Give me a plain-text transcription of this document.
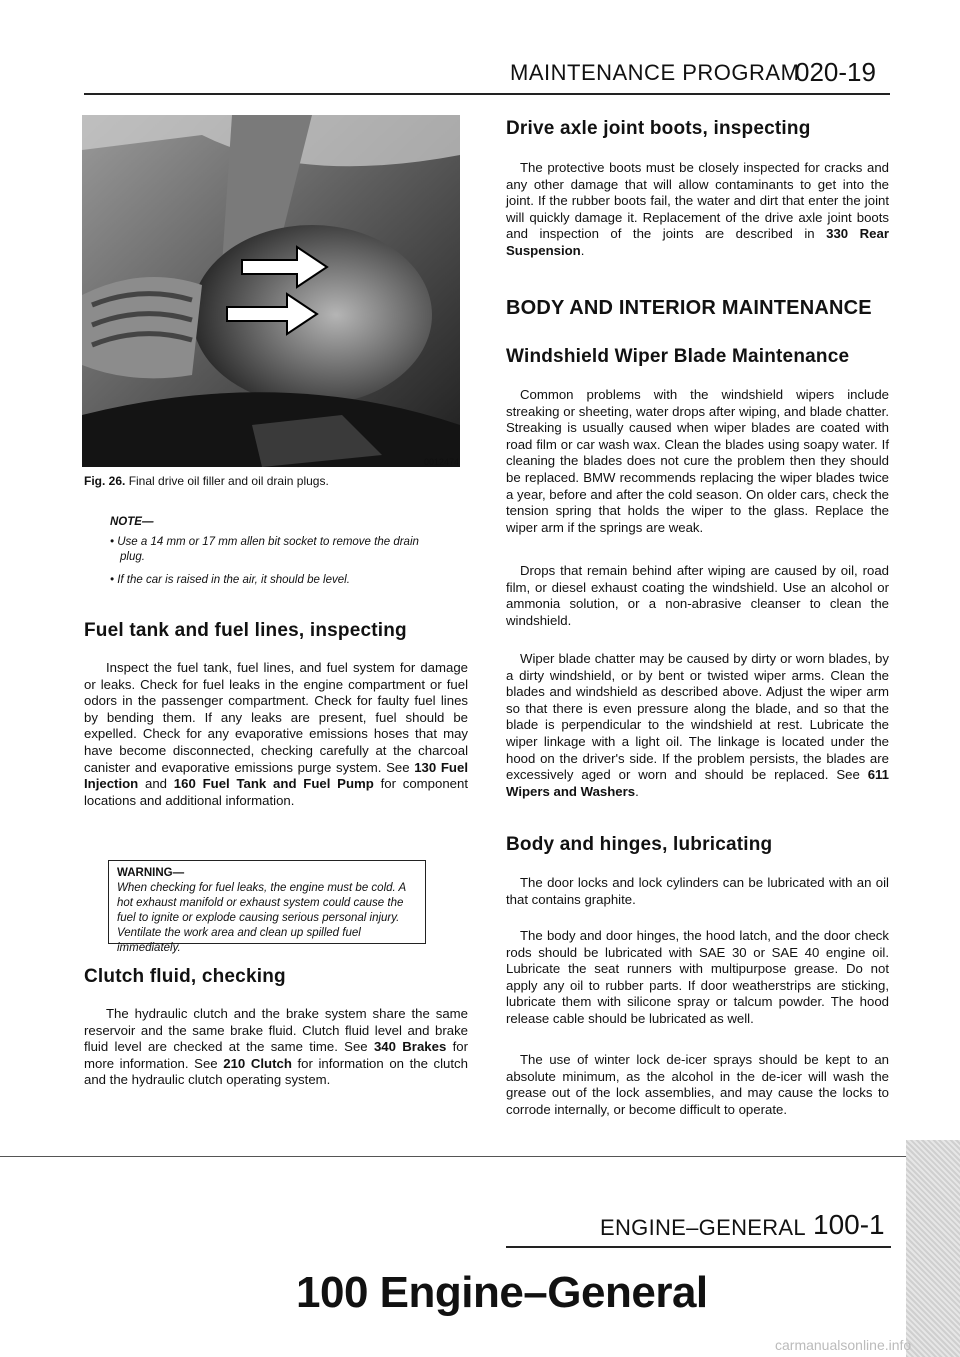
MAINTENANCE PROGRAM
020-19
0012474
Fig. 26. Final drive oil filler and oil drain plugs.

NOTE—

• Use a 14 mm or 17 mm allen bit socket to remove the drain plug.

• If the car is raised in the air, it should be level.

Fuel tank and fuel lines, inspecting

Inspect the fuel tank, fuel lines, and fuel system for damage or leaks. Check for fuel leaks in the engine compartment or fuel odors in the passenger compartment. Check for faulty fuel lines by bending them. If any leaks are present, fuel should be expelled. Check for any evaporative emissions hoses that may have become disconnected, checking carefully at the charcoal canister and evaporative emissions purge system. See 130 Fuel Injection and 160 Fuel Tank and Fuel Pump for component locations and additional information.

WARNING—
When checking for fuel leaks, the engine must be cold. A hot exhaust manifold or exhaust system could cause the fuel to ignite or explode causing serious personal injury. Ventilate the work area and clean up spilled fuel immediately.
Clutch fluid, checking

The hydraulic clutch and the brake system share the same reservoir and the same brake fluid. Clutch fluid level and brake fluid level are checked at the same time. See 340 Brakes for more information. See 210 Clutch for information on the clutch and the hydraulic clutch operating system.

Drive axle joint boots, inspecting

The protective boots must be closely inspected for cracks and any other damage that will allow contaminants to get into the joint. If the rubber boots fail, the water and dirt that enter the joint will quickly damage it. Replacement of the drive axle joint boots and inspection of the joints are described in 330 Rear Suspension.

BODY AND INTERIOR MAINTENANCE
Windshield Wiper Blade Maintenance

Common problems with the windshield wipers include streaking or sheeting, water drops after wiping, and blade chatter. Streaking is usually caused when wiper blades are coated with road film or car wash wax. Clean the blades using soapy water. If cleaning the blades does not cure the problem then they should be replaced. BMW recommends replacing the wiper blades twice a year, before and after the cold season. On older cars, check the tension spring that holds the wiper to the glass. Replace the wiper arm if the springs are weak.

Drops that remain behind after wiping are caused by oil, road film, or diesel exhaust coating the windshield. Use an alcohol or ammonia solution, or a non-abrasive cleanser to clean the windshield.

Wiper blade chatter may be caused by dirty or worn blades, by a dirty windshield, or by bent or twisted wiper arms. Clean the blades and windshield as described above. Adjust the wiper arm so that there is even pressure along the blade, and so that the blade is perpendicular to the windshield at rest. Lubricate the wiper linkage with a light oil. The linkage is located under the hood on the driver's side. If the problem persists, the blades are excessively aged or worn and should be replaced. See 611 Wipers and Washers.

Body and hinges, lubricating

The door locks and lock cylinders can be lubricated with an oil that contains graphite.

The body and door hinges, the hood latch, and the door check rods should be lubricated with SAE 30 or SAE 40 engine oil. Lubricate the seat runners with multipurpose grease. Do not apply any oil to rubber parts. If door weatherstrips are sticking, lubricate them with silicone spray or talcum powder. The hood release cable should be lubricated as well.

The use of winter lock de-icer sprays should be kept to an absolute minimum, as the alcohol in the de-icer will wash the grease out of the lock assemblies, and may cause the locks to corrode internally, or become difficult to operate.

ENGINE–GENERAL 100-1
100 Engine–General
carmanualsonline.info
